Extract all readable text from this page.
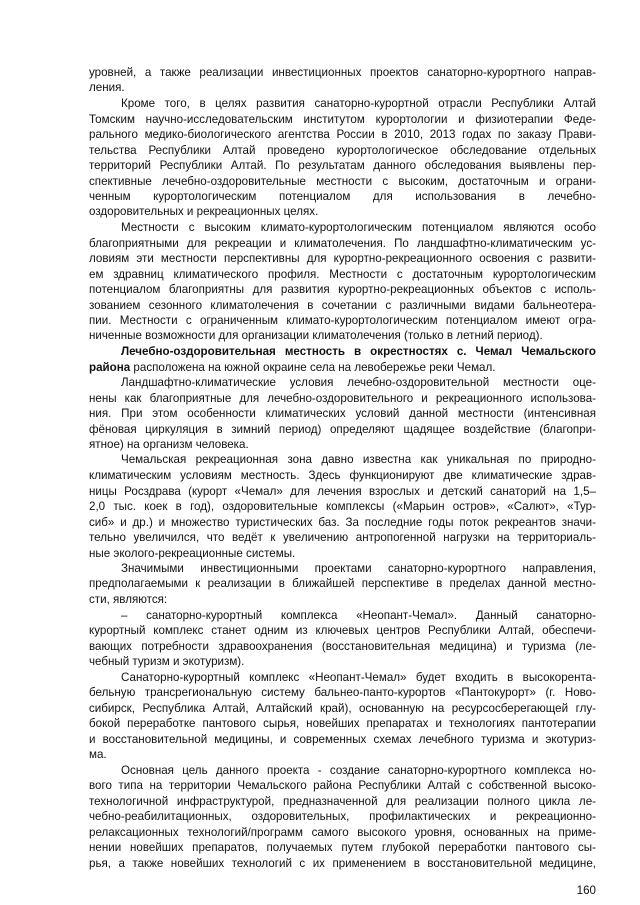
уровней, а также реализации инвестиционных проектов санаторно-курортного направ-
ления.
Кроме того, в целях развития санаторно-курортной отрасли Республики Алтай
Томским научно-исследовательским институтом курортологии и физиотерапии Феде-
рального медико-биологического агентства России в 2010, 2013 годах по заказу Прави-
тельства Республики Алтай проведено курортологическое обследование отдельных
территорий Республики Алтай. По результатам данного обследования выявлены пер-
спективные лечебно-оздоровительные местности с высоким, достаточным и ограни-
ченным курортологическим потенциалом для использования в лечебно-
оздоровительных и рекреационных целях.
Местности с высоким климато-курортологическим потенциалом являются особо
благоприятными для рекреации и климатолечения. По ландшафтно-климатическим ус-
ловиям эти местности перспективны для курортно-рекреационного освоения с развити-
ем здравниц климатического профиля. Местности с достаточным курортологическим
потенциалом благоприятны для развития курортно-рекреационных объектов с исполь-
зованием сезонного климатолечения в сочетании с различными видами бальнеотера-
пии. Местности с ограниченным климато-курортологическим потенциалом имеют огра-
ниченные возможности для организации климатолечения (только в летний период).
Лечебно-оздоровительная местность в окрестностях с. Чемал Чемальского
района расположена на южной окраине села на левобережье реки Чемал.
Ландшафтно-климатические условия лечебно-оздоровительной местности оце-
нены как благоприятные для лечебно-оздоровительного и рекреационного использова-
ния. При этом особенности климатических условий данной местности (интенсивная
фёновая циркуляция в зимний период) определяют щадящее воздействие (благопри-
ятное) на организм человека.
Чемальская рекреационная зона давно известна как уникальная по природно-
климатическим условиям местность. Здесь функционируют две климатические здрав-
ницы Росздрава (курорт «Чемал» для лечения взрослых и детский санаторий на 1,5–
2,0 тыс. коек в год), оздоровительные комплексы («Марьин остров», «Салют», «Тур-
сиб» и др.) и множество туристических баз. За последние годы поток рекреантов значи-
тельно увеличился, что ведёт к увеличению антропогенной нагрузки на территориаль-
ные эколого-рекреационные системы.
Значимыми инвестиционными проектами санаторно-курортного направления,
предполагаемыми к реализации в ближайшей перспективе в пределах данной местно-
сти, являются:
– санаторно-курортный комплекса «Неопант-Чемал». Данный санаторно-
курортный комплекс станет одним из ключевых центров Республики Алтай, обеспечи-
вающих потребности здравоохранения (восстановительная медицина) и туризма (ле-
чебный туризм и экотуризм).
Санаторно-курортный комплекс «Неопант-Чемал» будет входить в высокорента-
бельную трансрегиональную систему бальнео-панто-курортов «Пантокурорт» (г. Ново-
сибирск, Республика Алтай, Алтайский край), основанную на ресурсосберегающей глу-
бокой переработке пантового сырья, новейших препаратах и технологиях пантотерапии
и восстановительной медицины, и современных схемах лечебного туризма и экотуриз-
ма.
Основная цель данного проекта - создание санаторно-курортного комплекса но-
вого типа на территории Чемальского района Республики Алтай с собственной высоко-
технологичной инфраструктурой, предназначенной для реализации полного цикла ле-
чебно-реабилитационных, оздоровительных, профилактических и рекреационно-
релаксационных технологий/программ самого высокого уровня, основанных на приме-
нении новейших препаратов, получаемых путем глубокой переработки пантового сы-
рья, а также новейших технологий с их применением в восстановительной медицине,
160
